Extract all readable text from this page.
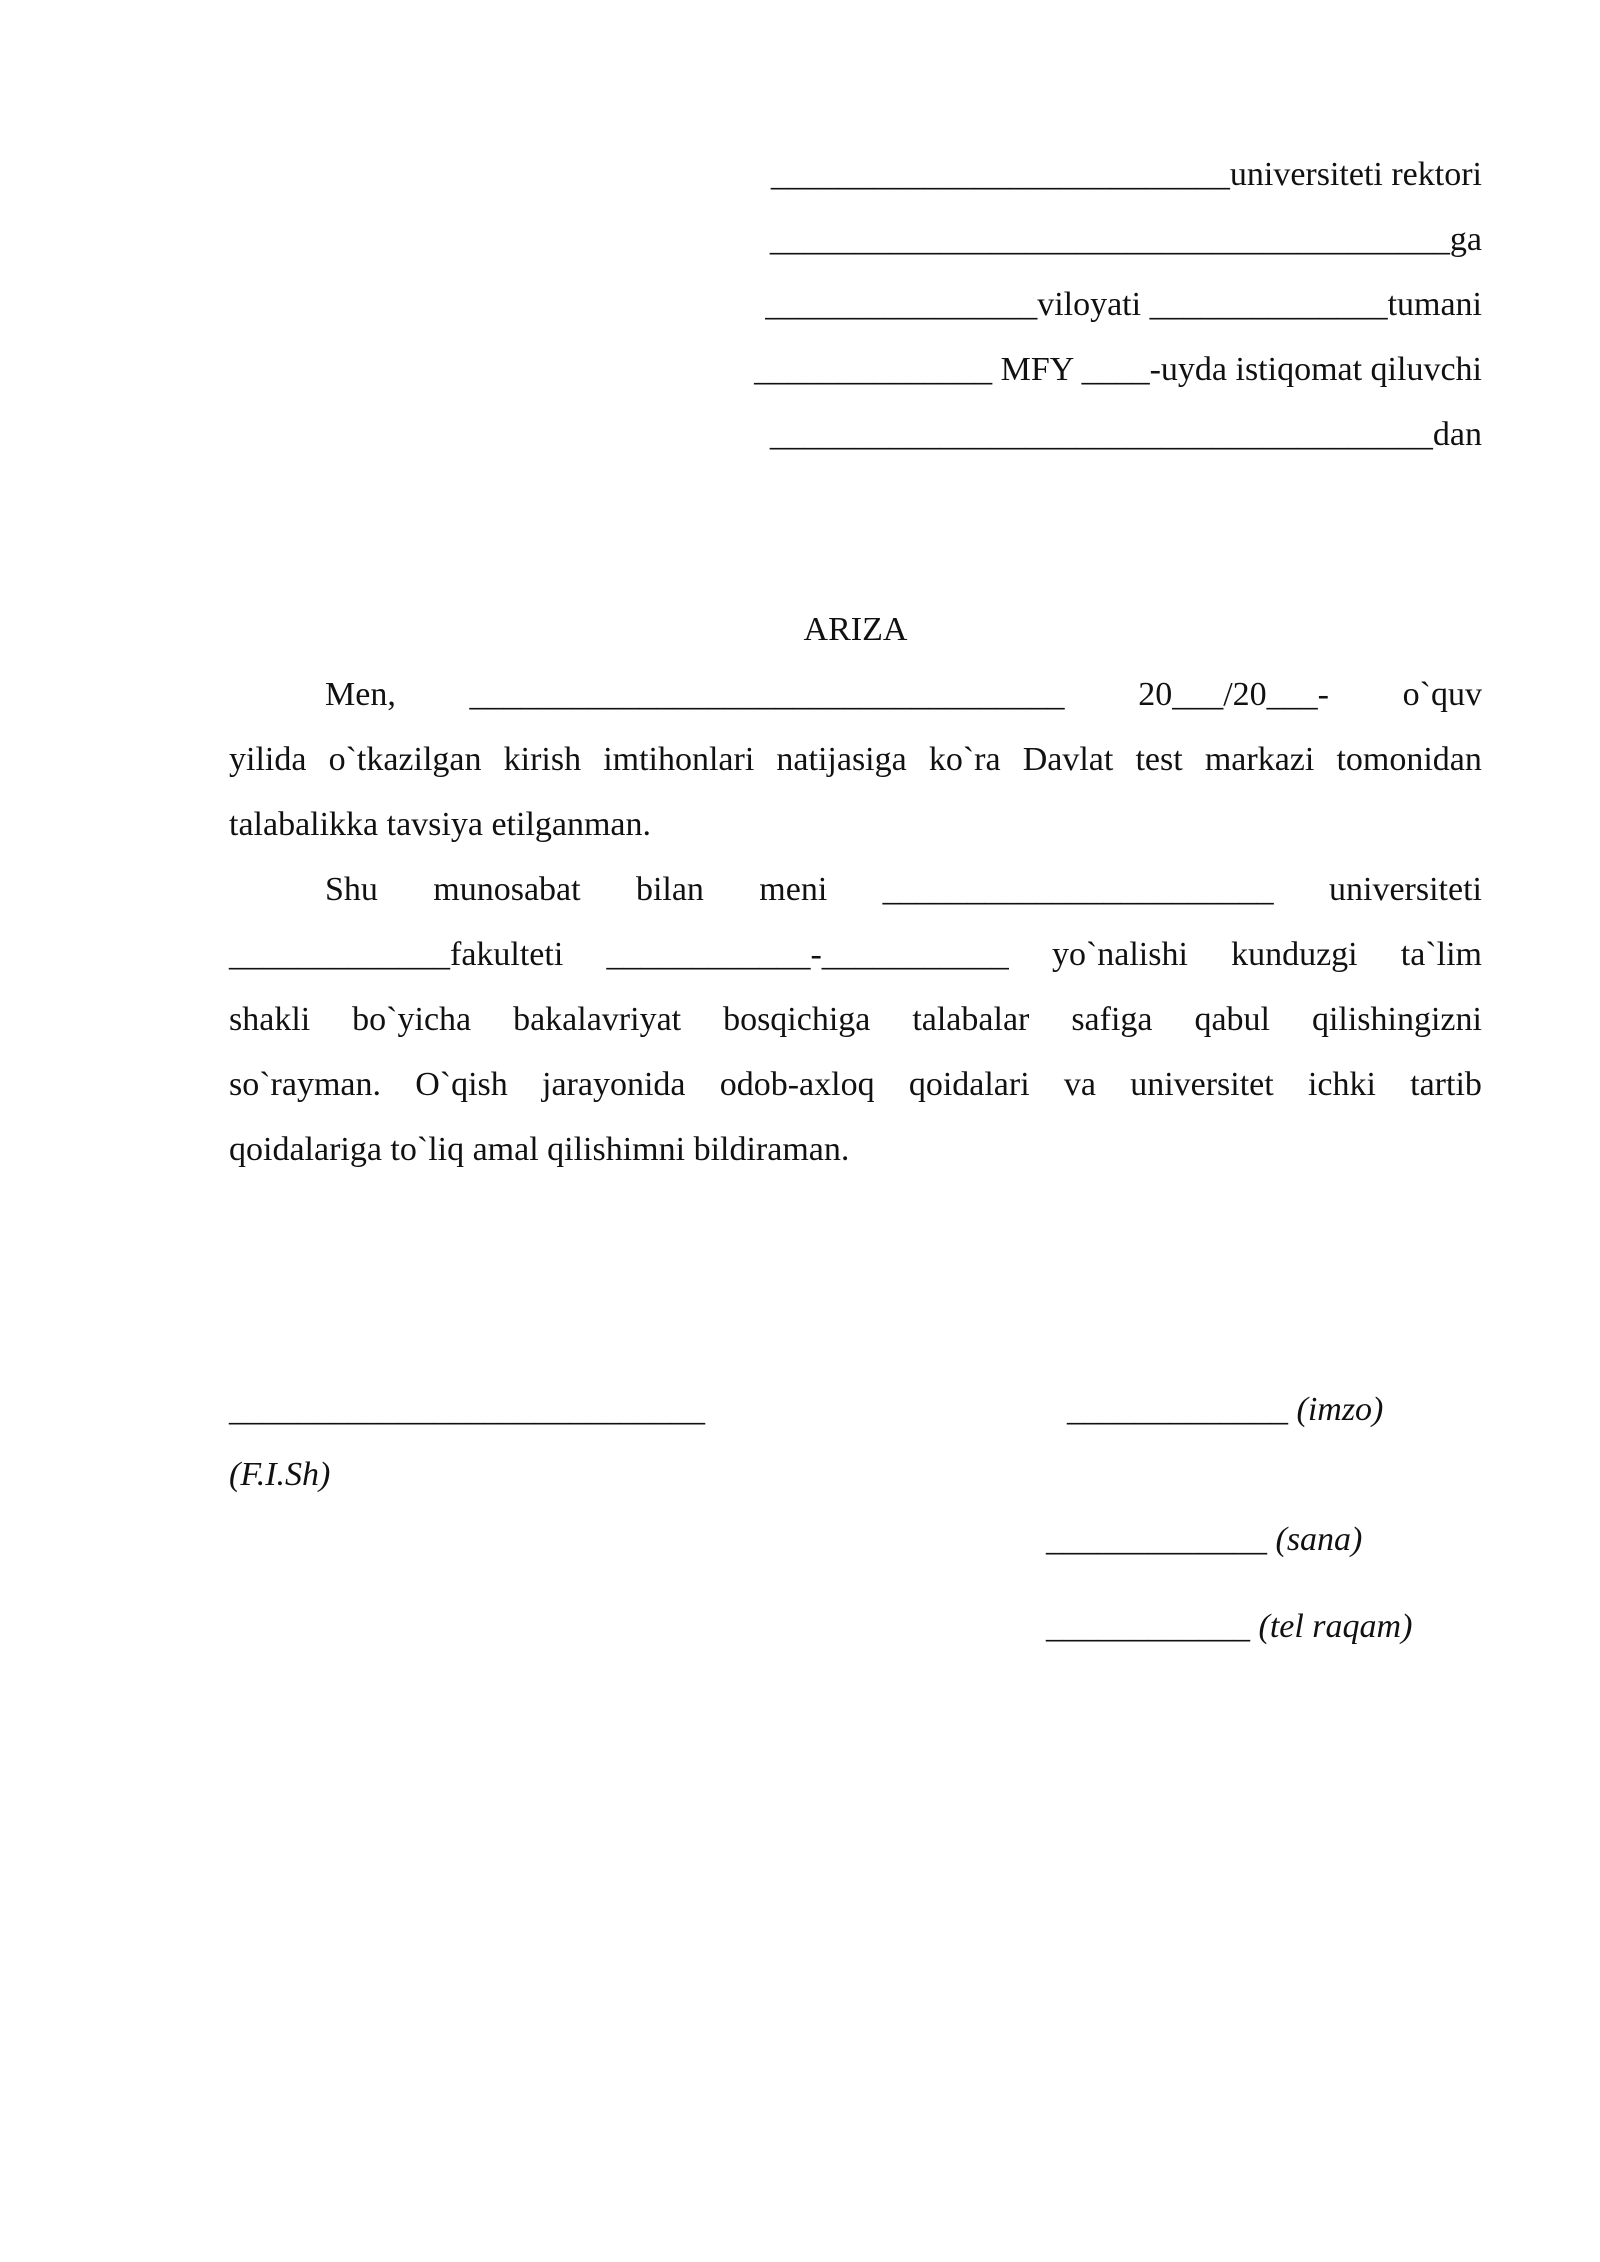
___________________________universiteti rektori
________________________________________ga
________________viloyati ______________tumani
______________ MFY ____-uyda istiqomat qiluvchi
_______________________________________dan
ARIZA
Men, ___________________________________ 20___/20___- o`quv
yilida o`tkazilgan kirish imtihonlari natijasiga ko`ra Davlat test markazi tomonidan
talabalikka tavsiya etilganman.
Shu munosabat bilan meni _______________________ universiteti
_____________fakulteti ____________-___________ yo`nalishi kunduzgi ta`lim
shakli bo`yicha bakalavriyat bosqichiga talabalar safiga qabul qilishingizni
so`rayman. O`qish jarayonida odob-axloq qoidalari va universitet ichki tartib
qoidalariga to`liq amal qilishimni bildiraman.
____________________________
(F.I.Sh)
_____________ (imzo)
_____________ (sana)
____________ (tel raqam)
